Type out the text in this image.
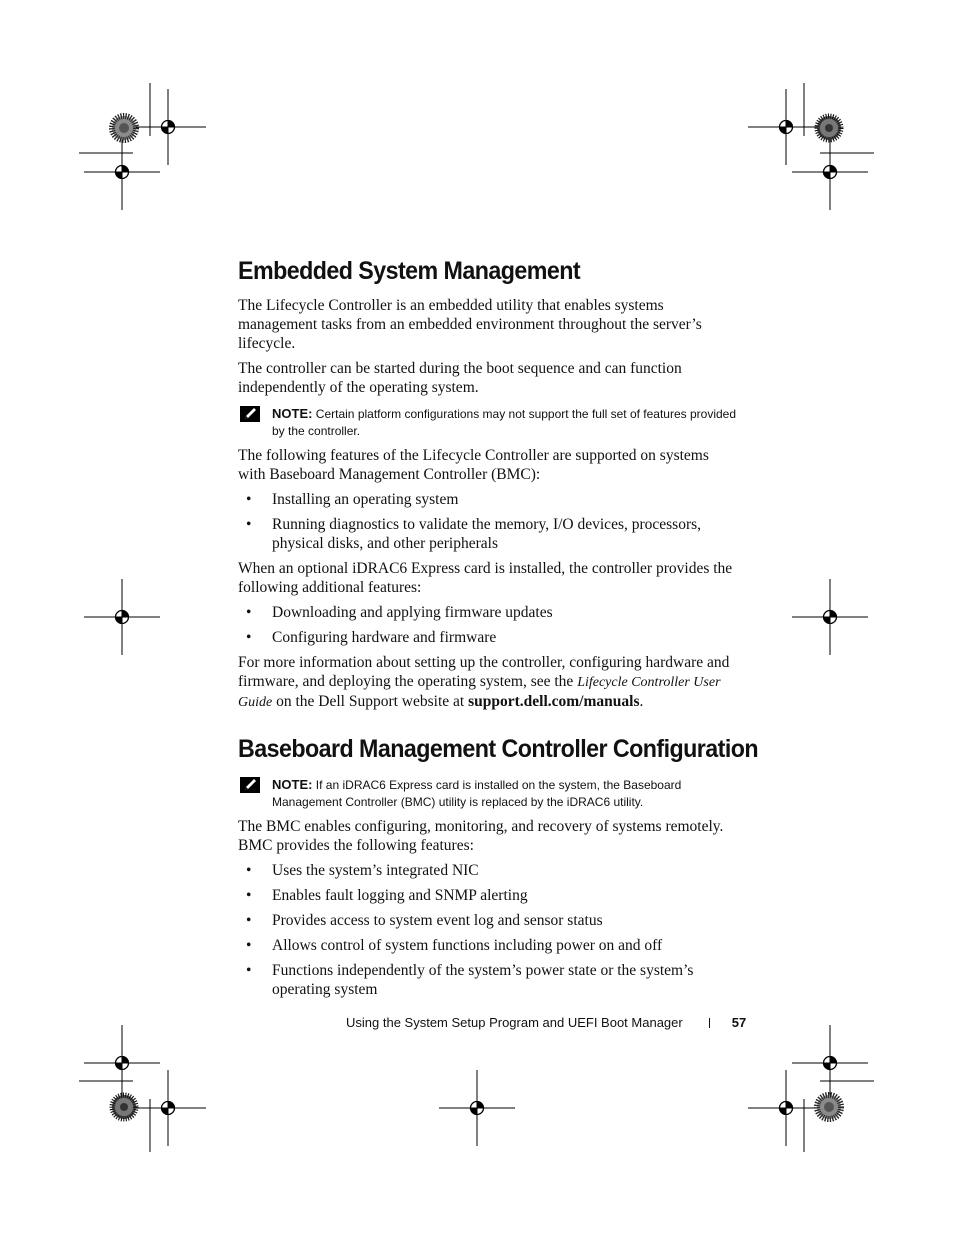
Embedded System Management

The Lifecycle Controller is an embedded utility that enables systems management tasks from an embedded environment throughout the server’s lifecycle.

The controller can be started during the boot sequence and can function independently of the operating system.

NOTE: Certain platform configurations may not support the full set of features provided by the controller.

The following features of the Lifecycle Controller are supported on systems with Baseboard Management Controller (BMC):

• Installing an operating system
• Running diagnostics to validate the memory, I/O devices, processors, physical disks, and other peripherals

When an optional iDRAC6 Express card is installed, the controller provides the following additional features:

• Downloading and applying firmware updates
• Configuring hardware and firmware

For more information about setting up the controller, configuring hardware and firmware, and deploying the operating system, see the Lifecycle Controller User Guide on the Dell Support website at support.dell.com/manuals.

Baseboard Management Controller Configuration
NOTE: If an iDRAC6 Express card is installed on the system, the Baseboard Management Controller (BMC) utility is replaced by the iDRAC6 utility.

The BMC enables configuring, monitoring, and recovery of systems remotely. BMC provides the following features:

• Uses the system’s integrated NIC
• Enables fault logging and SNMP alerting
• Provides access to system event log and sensor status
• Allows control of system functions including power on and off
• Functions independently of the system’s power state or the system’s operating system
Using the System Setup Program and UEFI Boot Manager	57
